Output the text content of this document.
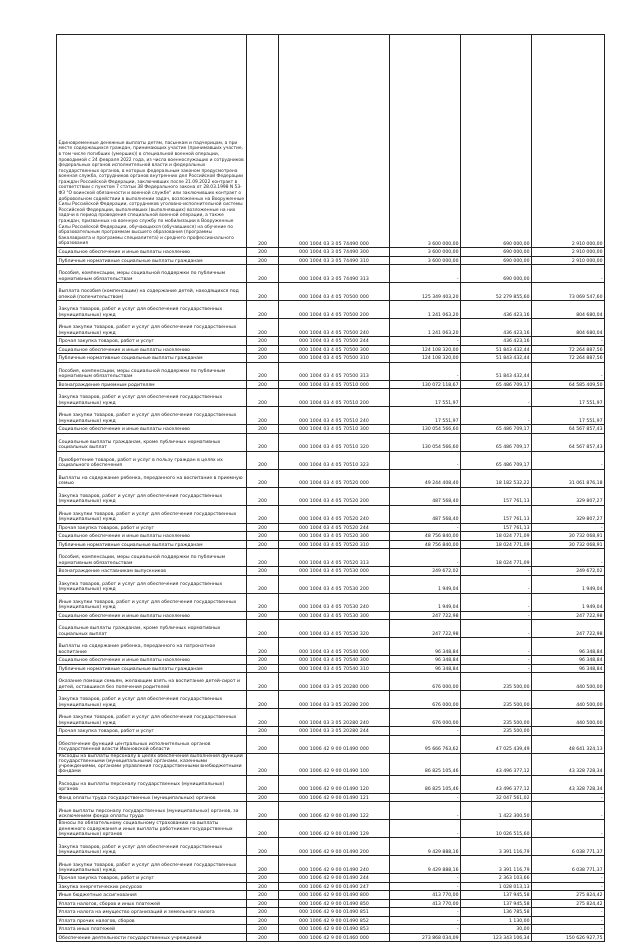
Единовременные денежные выплаты детям, пасынкам и падчерицам, а при месте содержащихся граждан, принимающих участие (принимавших участие, в том числе погибших (умерших)) в специальной военной операции, проводимой с 24 февраля 2022 года, из числа военнослужащих и сотрудников федеральных органов исполнительной власти и федеральных государственных органов, в которых федеральным законом предусмотрена военная служба, сотрудников органов внутренних дел Российской Федерации граждан Российской Федерации, заключивших после 21.09.2022 контракт в соответствии с пунктом 7 статьи 38 Федерального закона от 28.03.1998 N 53-ФЗ "О воинской обязанности и военной службе" или заключивших контракт о добровольном содействии в выполнении задач, возложенных на Вооруженные Силы Российской Федерации, сотрудников уголовно-исполнительной системы Российской Федерации, выполнявших (выполняющих) возложенные на них задачи в период проведения специальной военной операции, а также граждан, призванных на военную службу по мобилизации в Вооруженные Силы Российской Федерации, обучающихся (обучавшихся) на обучение по образовательным программам высшего образования (программы бакалавриата и программы специалитета) и среднего профессионального образования	200	000 1004 03 3 05 74490 000	3 600 000,00	690 000,00	2 910 000,00
Социальное обеспечение и иные выплаты населению	200	000 1004 03 3 05 74490 300	3 600 000,00	690 000,00	2 910 000,00
Публичные нормативные социальные выплаты гражданам	200	000 1004 03 3 05 74490 310	3 600 000,00	690 000,00	2 910 000,00
Пособия, компенсации, меры социальной поддержки по публичным нормативным обязательствам	200	000 1004 03 3 05 74490 313	-	690 000,00	-
Выплата пособия (компенсации) на содержание детей, находящихся под опекой (попечительством)	200	000 1004 03 4 05 70500 000	125 349 403,20	52 279 855,60	73 069 547,60
Закупка товаров, работ и услуг для обеспечения государственных (муниципальных) нужд	200	000 1004 03 4 05 70500 200	1 241 063,20	436 423,16	804 680,04
Иные закупки товаров, работ и услуг для обеспечения государственных (муниципальных) нужд	200	000 1004 03 4 05 70500 240	1 241 063,20	436 423,16	804 680,04
Прочая закупка товаров, работ и услуг	200	000 1004 03 4 05 70500 244	-	436 423,16	-
Социальное обеспечение и иные выплаты населению	200	000 1004 03 4 05 70500 300	124 108 320,00	51 843 432,44	72 264 887,56
Публичные нормативные социальные выплаты гражданам	200	000 1004 03 4 05 70500 310	124 108 320,00	51 843 432,44	72 264 887,56
Пособия, компенсации, меры социальной поддержки по публичным нормативным обязательствам	200	000 1004 03 4 05 70500 313	-	51 843 432,44	-
Вознаграждение приемным родителям	200	000 1004 03 4 05 70510 000	130 072 118,67	65 486 709,17	64 585 409,50
Закупка товаров, работ и услуг для обеспечения государственных (муниципальных) нужд	200	000 1004 03 4 05 70510 200	17 551,97	-	17 551,97
Иные закупки товаров, работ и услуг для обеспечения государственных (муниципальных) нужд	200	000 1004 03 4 05 70510 240	17 551,97	-	17 551,97
Социальное обеспечение и иные выплаты населению	200	000 1004 03 4 05 70510 300	130 054 566,60	65 486 709,17	64 567 857,43
Социальные выплаты гражданам, кроме публичных нормативных социальных выплат	200	000 1004 03 4 05 70510 320	130 054 566,60	65 486 709,17	64 567 857,43
Приобретение товаров, работ и услуг в пользу граждан в целях их социального обеспечения	200	000 1004 03 4 05 70510 323	-	65 486 709,17	-
Выплаты на содержание ребенка, переданного на воспитание в приемную семью	200	000 1004 03 4 05 70520 000	49 244 408,40	18 182 532,22	31 061 876,18
Закупка товаров, работ и услуг для обеспечения государственных (муниципальных) нужд	200	000 1004 03 4 05 70520 200	487 568,40	157 761,13	329 807,27
Иные закупки товаров, работ и услуг для обеспечения государственных (муниципальных) нужд	200	000 1004 03 4 05 70520 240	487 568,40	157 761,13	329 807,27
Прочая закупка товаров, работ и услуг	200	000 1004 03 4 05 70520 244	-	157 761,13	-
Социальное обеспечение и иные выплаты населению	200	000 1004 03 4 05 70520 300	48 756 840,00	18 024 771,09	30 732 068,91
Публичные нормативные социальные выплаты гражданам	200	000 1004 03 4 05 70520 310	48 756 840,00	18 024 771,09	30 732 068,91
Пособия, компенсации, меры социальной поддержки по публичным нормативным обязательствам	200	000 1004 03 4 05 70520 313	-	18 024 771,09	-
Вознаграждение наставникам выпускников	200	000 1004 03 4 05 70530 000	249 672,02	-	249 672,02
Закупка товаров, работ и услуг для обеспечения государственных (муниципальных) нужд	200	000 1004 03 4 05 70530 200	1 949,04	-	1 949,04
Иные закупки товаров, работ и услуг для обеспечения государственных (муниципальных) нужд	200	000 1004 03 4 05 70530 240	1 949,04	-	1 949,04
Социальное обеспечение и иные выплаты населению	200	000 1004 03 4 05 70530 300	247 722,98	-	247 722,98
Социальные выплаты гражданам, кроме публичных нормативных социальных выплат	200	000 1004 03 4 05 70530 320	247 722,98	-	247 722,98
Выплаты на содержание ребенка, переданного на патронатное воспитание	200	000 1004 03 4 05 70540 000	96 348,84	-	96 348,84
Социальное обеспечение и иные выплаты населению	200	000 1004 03 4 05 70540 300	96 348,84	-	96 348,84
Публичные нормативные социальные выплаты гражданам	200	000 1004 03 4 05 70540 310	96 348,84	-	96 348,84
Оказание помощи семьям, желающим взять на воспитание детей-сирот и детей, оставшихся без попечения родителей	200	000 1004 03 3 05 20280 000	676 000,00	235 500,00	440 500,00
Закупка товаров, работ и услуг для обеспечения государственных (муниципальных) нужд	200	000 1004 03 3 05 20280 200	676 000,00	235 500,00	440 500,00
Иные закупки товаров, работ и услуг для обеспечения государственных (муниципальных) нужд	200	000 1004 03 3 05 20280 240	676 000,00	235 500,00	440 500,00
Прочая закупка товаров, работ и услуг	200	000 1004 03 3 05 20280 244	-	235 500,00	-
Обеспечение функций центральных исполнительных органов государственной власти Ивановской области	200	000 1006 42 9 00 01490 000	95 666 763,62	47 025 439,49	48 641 324,13
Расходы на выплаты персоналу в целях обеспечения выполнения функций государственными (муниципальными) органами, казенными учреждениями, органами управления государственными внебюджетными фондами	200	000 1006 42 9 00 01490 100	86 825 105,46	43 496 377,12	43 328 728,34
Расходы на выплаты персоналу государственных (муниципальных) органов	200	000 1006 42 9 00 01490 120	86 825 105,46	43 496 377,12	43 328 728,34
Фонд оплаты труда государственных (муниципальных) органов	200	000 1006 42 9 00 01490 121	-	32 047 561,02	-
Иные выплаты персоналу государственных (муниципальных) органов, за исключением фонда оплаты труда	200	000 1006 42 9 00 01490 122	-	1 422 300,50	-
Взносы по обязательному социальному страхованию на выплаты денежного содержания и иные выплаты работникам государственных (муниципальных) органов	200	000 1006 42 9 00 01490 129	-	10 026 515,60	-
Закупка товаров, работ и услуг для обеспечения государственных (муниципальных) нужд	200	000 1006 42 9 00 01490 200	9 429 888,16	3 391 116,79	6 038 771,37
Иные закупки товаров, работ и услуг для обеспечения государственных (муниципальных) нужд	200	000 1006 42 9 00 01490 240	9 429 888,16	3 391 116,79	6 038 771,37
Прочая закупка товаров, работ и услуг	200	000 1006 42 9 00 01490 244	-	2 363 103,66	-
Закупка энергетических ресурсов	200	000 1006 42 9 00 01490 247	-	1 028 013,13	-
Иные бюджетные ассигнования	200	000 1006 42 9 00 01490 800	413 770,00	137 945,58	275 824,42
Уплата налогов, сборов и иных платежей	200	000 1006 42 9 00 01490 850	413 770,00	137 945,58	275 824,42
Уплата налога на имущество организаций и земельного налога	200	000 1006 42 9 00 01490 851	-	136 785,58	-
Уплата прочих налогов, сборов	200	000 1006 42 9 00 01490 852	-	1 130,00	-
Уплата иных платежей	200	000 1006 42 9 00 01490 853	-	30,00	-
Обеспечение деятельности государственных учреждений	200	000 1006 42 9 00 01460 000	273 868 034,09	123 343 106,34	150 626 927,75
